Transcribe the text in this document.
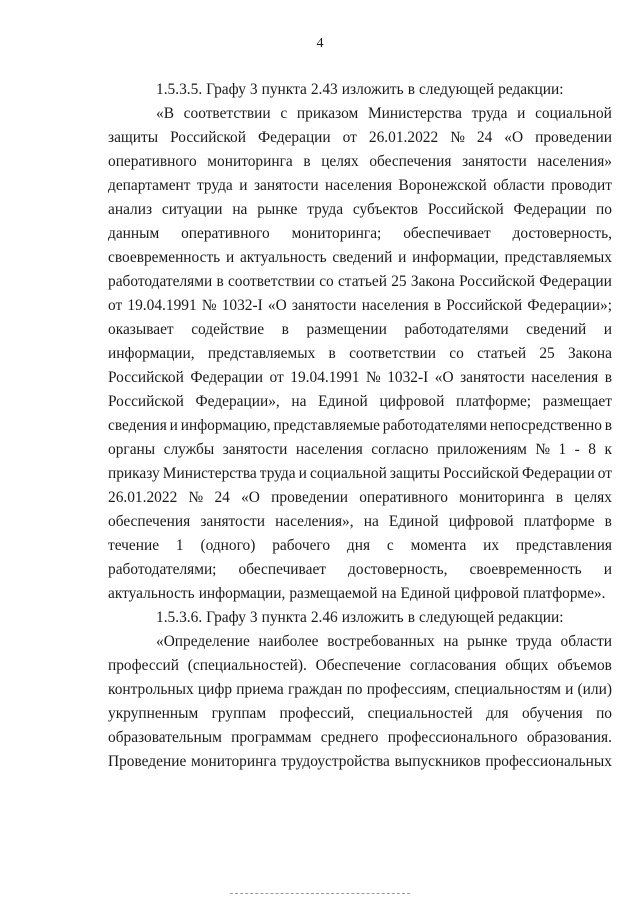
4
1.5.3.5. Графу 3 пункта 2.43 изложить в следующей редакции:
«В соответствии с приказом Министерства труда и социальной
защиты Российской Федерации от 26.01.2022 № 24 «О проведении
оперативного мониторинга в целях обеспечения занятости населения»
департамент труда и занятости населения Воронежской области проводит
анализ ситуации на рынке труда субъектов Российской Федерации по
данным оперативного мониторинга; обеспечивает достоверность,
своевременность и актуальность сведений и информации, представляемых
работодателями в соответствии со статьей 25 Закона Российской Федерации
от 19.04.1991 № 1032-I «О занятости населения в Российской Федерации»;
оказывает содействие в размещении работодателями сведений и
информации, представляемых в соответствии со статьей 25 Закона
Российской Федерации от 19.04.1991 № 1032-I «О занятости населения в
Российской Федерации», на Единой цифровой платформе; размещает
сведения и информацию, представляемые работодателями непосредственно в
органы службы занятости населения согласно приложениям № 1 - 8 к
приказу Министерства труда и социальной защиты Российской Федерации от
26.01.2022 № 24 «О проведении оперативного мониторинга в целях
обеспечения занятости населения», на Единой цифровой платформе в
течение 1 (одного) рабочего дня с момента их представления
работодателями; обеспечивает достоверность, своевременность и
актуальность информации, размещаемой на Единой цифровой платформе».
1.5.3.6. Графу 3 пункта 2.46 изложить в следующей редакции:
«Определение наиболее востребованных на рынке труда области
профессий (специальностей). Обеспечение согласования общих объемов
контрольных цифр приема граждан по профессиям, специальностям и (или)
укрупненным группам профессий, специальностей для обучения по
образовательным программам среднего профессионального образования.
Проведение мониторинга трудоустройства выпускников профессиональных
